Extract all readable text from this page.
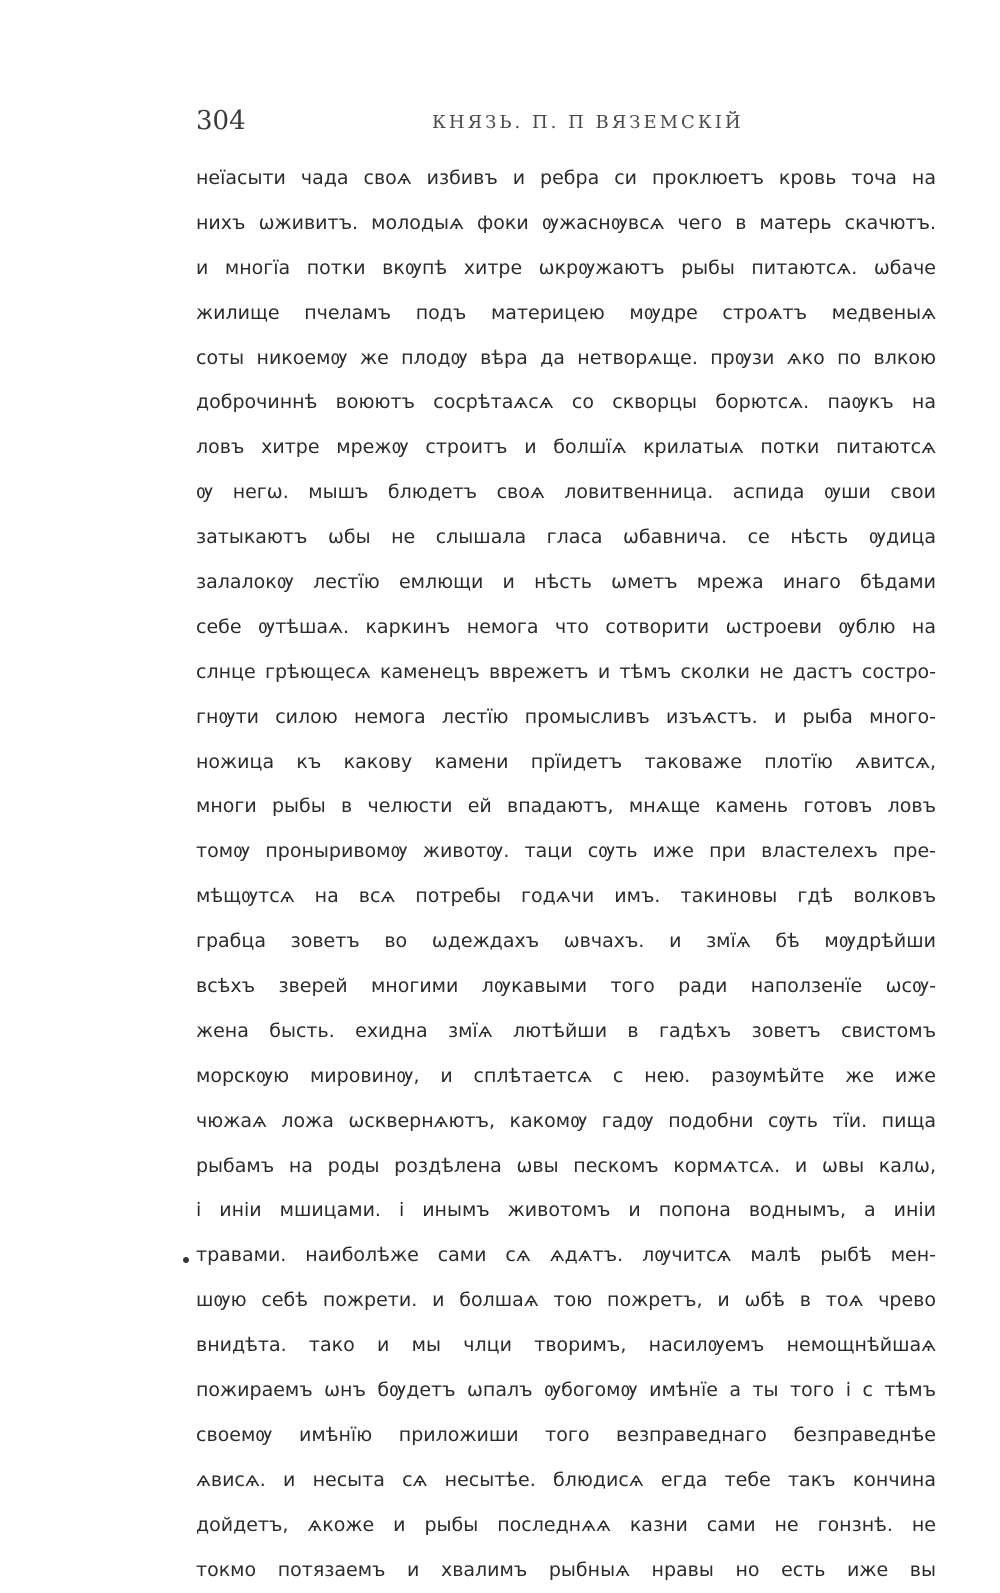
304	КНЯЗЬ. П. П ВЯЗЕМСКІЙ
неїасыти чада своѧ избивъ и ребра си проклюетъ кровь точа на
нихъ ѡживитъ. молодыѧ фоки ѹжаснѹвсѧ чего в матерь скачютъ.
и многїа потки вкѹпѣ хитре ѡкрѹжаютъ рыбы питаютсѧ. ѡбаче
жилище пчеламъ подъ материцею мѹдре строѧтъ медвеныѧ
соты никоемѹ же плодѹ вѣра да нетворѧще. прѹзи ѧко по влкою
доброчиннѣ воюютъ сосрѣтаѧсѧ со скворцы борютсѧ. паѹкъ на
ловъ хитре мрежѹ строитъ и болшїѧ крилатыѧ потки питаютсѧ
ѹ негѡ. мышъ блюдетъ своѧ ловитвенница. аспида ѹши свои
затыкаютъ ѡбы не слышала гласа ѡбавнича. се нѣсть ѹдица
залалокѹ лестїю емлющи и нѣсть ѡметъ мрежа инаго бѣдами
себе ѹтѣшаѧ. каркинъ немога что сотворити ѡстроеви ѹблю на
слнце грѣющесѧ каменецъ вврежетъ и тѣмъ сколки не дастъ состро-
гнѹти силою немога лестїю промысливъ изъѧстъ. и рыба много-
ножица къ какову камени прїидетъ таковаже плотїю ѧвитсѧ,
многи рыбы в челюсти ей впадаютъ, мнѧще камень готовъ ловъ
томѹ проныривомѹ животѹ. таци сѹть иже при властелехъ пре-
мѣщѹтсѧ на всѧ потребы годѧчи имъ. такиновы гдѣ волковъ
грабца зоветъ во ѡдеждахъ ѡвчахъ. и змїѧ бѣ мѹдрѣйши
всѣхъ зверей многими лѹкавыми того ради наползенїе ѡсѹ-
жена бысть. ехидна змїѧ лютѣйши в гадѣхъ зоветъ свистомъ
морскѹю мировинѹ, и сплѣтаетсѧ с нею. разѹмѣйте же иже
чюжаѧ ложа ѡсквернѧютъ, какомѹ гадѹ подобни сѹть тїи. пища
рыбамъ на роды роздѣлена ѡвы пескомъ кормѧтсѧ. и ѡвы калѡ,
і иніи мшицами. і инымъ животомъ и попона воднымъ, а иніи
травами. наиболѣже сами сѧ ѧдѧтъ. лѹчитсѧ малѣ рыбѣ мен-
шѹю себѣ пожрети. и болшаѧ тою пожретъ, и ѡбѣ в тоѧ чрево
внидѣта. тако и мы члци творимъ, насилѹемъ немощнѣйшаѧ
пожираемъ ѡнъ бѹдетъ ѡпалъ ѹбогомѹ имѣнїе а ты того і с тѣмъ
своемѹ имѣнїю приложиши того везправеднаго безправеднѣе
ѧвисѧ. и несыта сѧ несытѣе. блюдисѧ егда тебе такъ кончина
дойдетъ, ѧкоже и рыбы последнѧѧ казни сами не гонзнѣ. не
токмо потязаемъ и хвалимъ рыбныѧ нравы но есть иже вы
